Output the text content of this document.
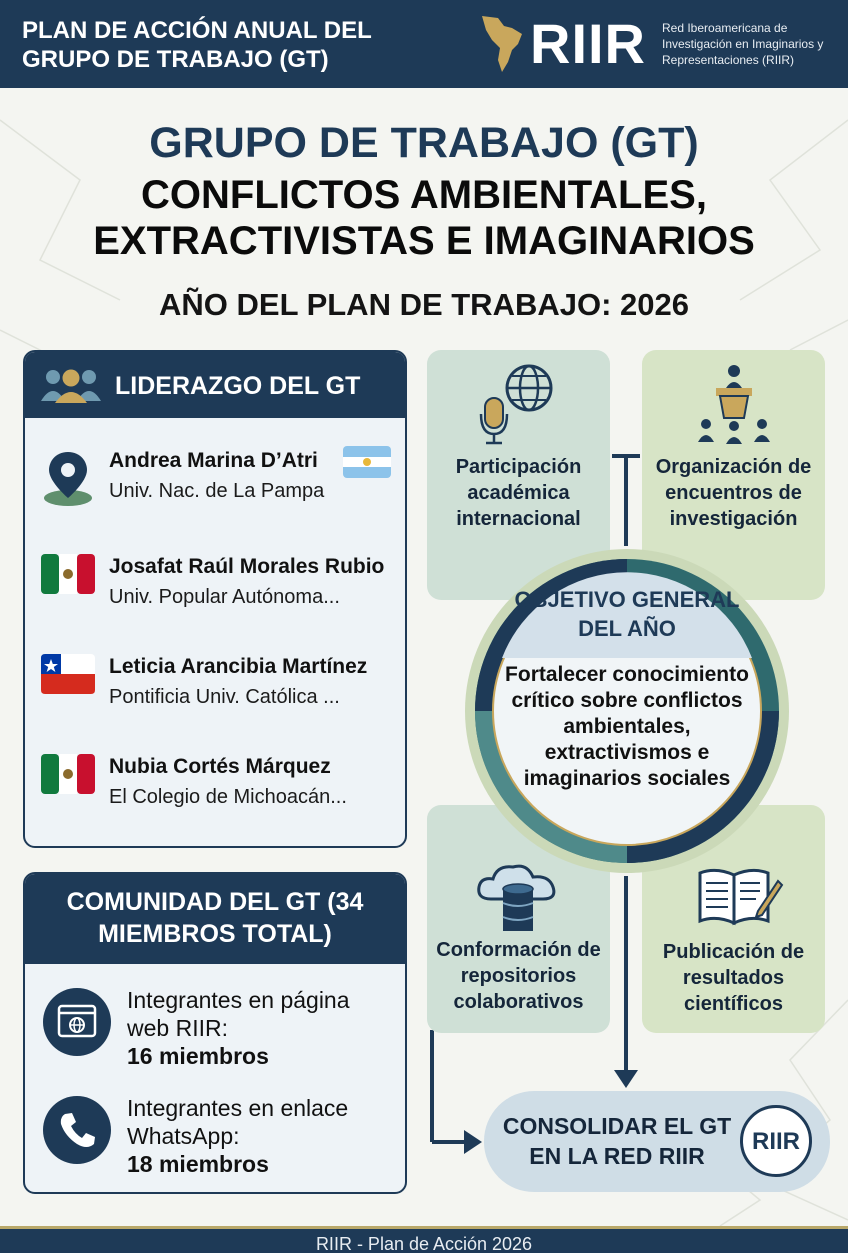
PLAN DE ACCIÓN ANUAL DEL GRUPO DE TRABAJO (GT)	RIIR Red Iberoamericana de Investigación en Imaginarios y Representaciones (RIIR)
GRUPO DE TRABAJO (GT)
CONFLICTOS AMBIENTALES, EXTRACTIVISTAS E IMAGINARIOS
AÑO DEL PLAN DE TRABAJO: 2026
LIDERAZGO DEL GT
Andrea Marina D’Atri
Univ. Nac. de La Pampa
Josafat Raúl Morales Rubio
Univ. Popular Autónoma...
Leticia Arancibia Martínez
Pontificia Univ. Católica ...
Nubia Cortés Márquez
El Colegio de Michoacán...
COMUNIDAD DEL GT (34 MIEMBROS TOTAL)
Integrantes en página web RIIR:
16 miembros
Integrantes en enlace WhatsApp:
18 miembros
Participación académica internacional
Organización de encuentros de investigación
Conformación de repositorios colaborativos
Publicación de resultados científicos
OBJETIVO GENERAL DEL AÑO
Fortalecer conocimiento crítico sobre conflictos ambientales, extractivismos e imaginarios sociales
CONSOLIDAR EL GT EN LA RED RIIR
RIIR
RIIR - Plan de Acción 2026
